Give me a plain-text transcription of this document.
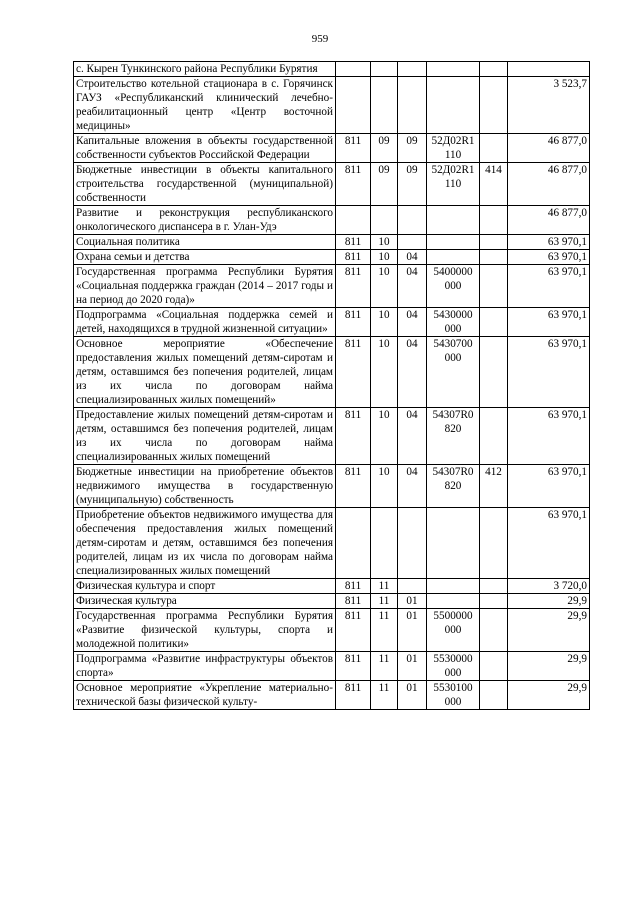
959
с. Кырен Тункинского района Республики Бурятия						
Строительство котельной стационара в с. Горячинск ГАУЗ «Республиканский клинический лечебно-реабилитационный центр «Центр восточной медицины»						3 523,7
Капитальные вложения в объекты государственной собственности субъектов Российской Федерации	811	09	09	52Д02R1 110		46 877,0
Бюджетные инвестиции в объекты капитального строительства государственной (муниципальной) собственности	811	09	09	52Д02R1 110	414	46 877,0
Развитие и реконструкция республиканского онкологического диспансера в г. Улан-Удэ						46 877,0
Социальная политика	811	10				63 970,1
Охрана семьи и детства	811	10	04			63 970,1
Государственная программа Республики Бурятия «Социальная поддержка граждан (2014 – 2017 годы и на период до 2020 года)»	811	10	04	5400000 000		63 970,1
Подпрограмма «Социальная поддержка семей и детей, находящихся в трудной жизненной ситуации»	811	10	04	5430000 000		63 970,1
Основное мероприятие «Обеспечение предоставления жилых помещений детям-сиротам и детям, оставшимся без попечения родителей, лицам из их числа по договорам найма специализированных жилых помещений»	811	10	04	5430700 000		63 970,1
Предоставление жилых помещений детям-сиротам и детям, оставшимся без попечения родителей, лицам из их числа по договорам найма специализированных жилых помещений	811	10	04	54307R0 820		63 970,1
Бюджетные инвестиции на приобретение объектов недвижимого имущества в государственную (муниципальную) собственность	811	10	04	54307R0 820	412	63 970,1
Приобретение объектов недвижимого имущества для обеспечения предоставления жилых помещений детям-сиротам и детям, оставшимся без попечения родителей, лицам из их числа по договорам найма специализированных жилых помещений						63 970,1
Физическая культура и спорт	811	11				3 720,0
Физическая культура	811	11	01			29,9
Государственная программа Республики Бурятия «Развитие физической культуры, спорта и молодежной политики»	811	11	01	5500000 000		29,9
Подпрограмма «Развитие инфраструктуры объектов спорта»	811	11	01	5530000 000		29,9
Основное мероприятие «Укрепление материально-технической базы физической культу-	811	11	01	5530100 000		29,9
